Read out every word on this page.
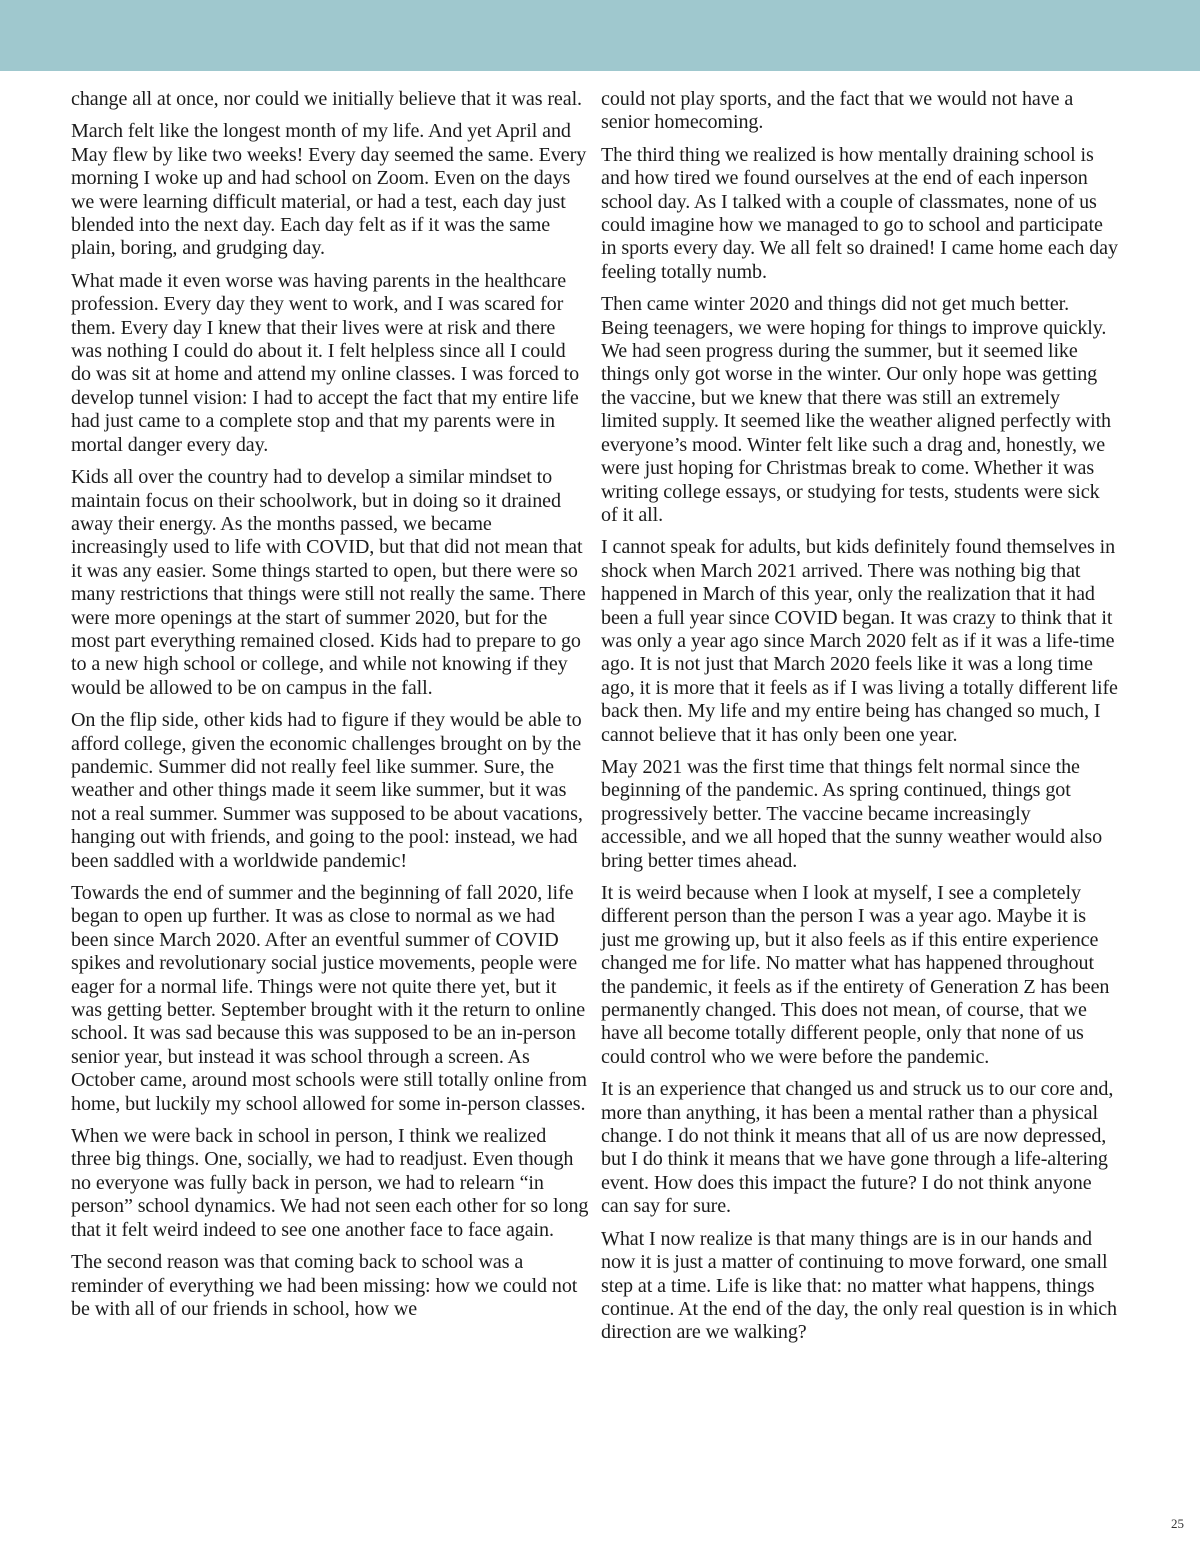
change all at once, nor could we initially believe that it was real.

March felt like the longest month of my life. And yet April and May flew by like two weeks! Every day seemed the same. Every morning I woke up and had school on Zoom. Even on the days we were learning difficult material, or had a test, each day just blended into the next day. Each day felt as if it was the same plain, boring, and grudging day.

What made it even worse was having parents in the healthcare profession. Every day they went to work, and I was scared for them. Every day I knew that their lives were at risk and there was nothing I could do about it. I felt helpless since all I could do was sit at home and attend my online classes. I was forced to develop tunnel vision: I had to accept the fact that my entire life had just came to a complete stop and that my parents were in mortal danger every day.

Kids all over the country had to develop a similar mindset to maintain focus on their schoolwork, but in doing so it drained away their energy. As the months passed, we became increasingly used to life with COVID, but that did not mean that it was any easier. Some things started to open, but there were so many restrictions that things were still not really the same. There were more openings at the start of summer 2020, but for the most part everything remained closed. Kids had to prepare to go to a new high school or college, and while not knowing if they would be allowed to be on campus in the fall.

On the flip side, other kids had to figure if they would be able to afford college, given the economic challenges brought on by the pandemic. Summer did not really feel like summer. Sure, the weather and other things made it seem like summer, but it was not a real summer. Summer was supposed to be about vacations, hanging out with friends, and going to the pool: instead, we had been saddled with a worldwide pandemic!

Towards the end of summer and the beginning of fall 2020, life began to open up further. It was as close to normal as we had been since March 2020. After an eventful summer of COVID spikes and revolutionary social justice movements, people were eager for a normal life. Things were not quite there yet, but it was getting better. September brought with it the return to online school. It was sad because this was supposed to be an in-person senior year, but instead it was school through a screen. As October came, around most schools were still totally online from home, but luckily my school allowed for some in-person classes.

When we were back in school in person, I think we realized three big things. One, socially, we had to readjust. Even though no everyone was fully back in person, we had to relearn “in person” school dynamics. We had not seen each other for so long that it felt weird indeed to see one another face to face again.

The second reason was that coming back to school was a reminder of everything we had been missing: how we could not be with all of our friends in school, how we

could not play sports, and the fact that we would not have a senior homecoming.

The third thing we realized is how mentally draining school is and how tired we found ourselves at the end of each inperson school day. As I talked with a couple of classmates, none of us could imagine how we managed to go to school and participate in sports every day. We all felt so drained! I came home each day feeling totally numb.

Then came winter 2020 and things did not get much better. Being teenagers, we were hoping for things to improve quickly. We had seen progress during the summer, but it seemed like things only got worse in the winter. Our only hope was getting the vaccine, but we knew that there was still an extremely limited supply. It seemed like the weather aligned perfectly with everyone’s mood. Winter felt like such a drag and, honestly, we were just hoping for Christmas break to come. Whether it was writing college essays, or studying for tests, students were sick of it all.

I cannot speak for adults, but kids definitely found themselves in shock when March 2021 arrived. There was nothing big that happened in March of this year, only the realization that it had been a full year since COVID began. It was crazy to think that it was only a year ago since March 2020 felt as if it was a life-time ago. It is not just that March 2020 feels like it was a long time ago, it is more that it feels as if I was living a totally different life back then. My life and my entire being has changed so much, I cannot believe that it has only been one year.

May 2021 was the first time that things felt normal since the beginning of the pandemic. As spring continued, things got progressively better. The vaccine became increasingly accessible, and we all hoped that the sunny weather would also bring better times ahead.

It is weird because when I look at myself, I see a completely different person than the person I was a year ago. Maybe it is just me growing up, but it also feels as if this entire experience changed me for life. No matter what has happened throughout the pandemic, it feels as if the entirety of Generation Z has been permanently changed. This does not mean, of course, that we have all become totally different people, only that none of us could control who we were before the pandemic.

It is an experience that changed us and struck us to our core and, more than anything, it has been a mental rather than a physical change. I do not think it means that all of us are now depressed, but I do think it means that we have gone through a life-altering event. How does this impact the future? I do not think anyone can say for sure.

What I now realize is that many things are is in our hands and now it is just a matter of continuing to move forward, one small step at a time. Life is like that: no matter what happens, things continue. At the end of the day, the only real question is in which direction are we walking?

25
